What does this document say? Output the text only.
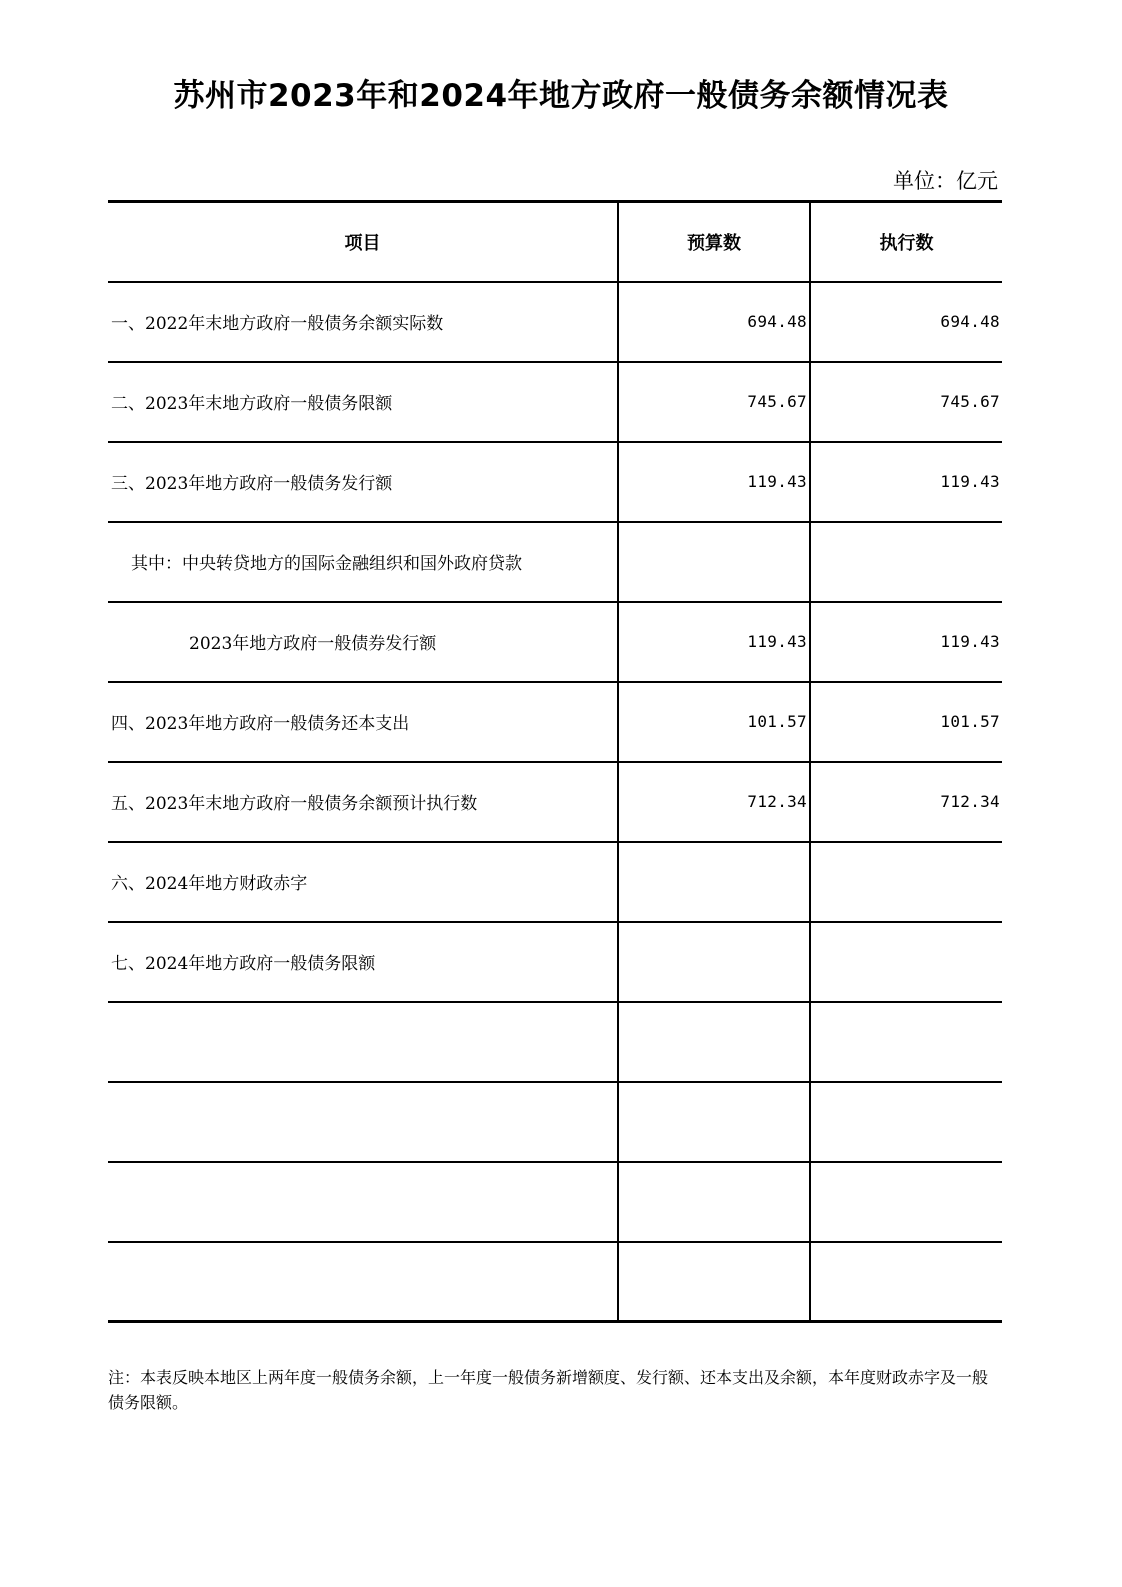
苏州市2023年和2024年地方政府一般债务余额情况表
单位：亿元
项目	预算数	执行数
一、2022年末地方政府一般债务余额实际数	694.48	694.48
二、2023年末地方政府一般债务限额	745.67	745.67
三、2023年地方政府一般债务发行额	119.43	119.43
其中：中央转贷地方的国际金融组织和国外政府贷款		
2023年地方政府一般债券发行额	119.43	119.43
四、2023年地方政府一般债务还本支出	101.57	101.57
五、2023年末地方政府一般债务余额预计执行数	712.34	712.34
六、2024年地方财政赤字		
七、2024年地方政府一般债务限额		

注：本表反映本地区上两年度一般债务余额，上一年度一般债务新增额度、发行额、还本支出及余额，本年度财政赤字及一般债务限额。
